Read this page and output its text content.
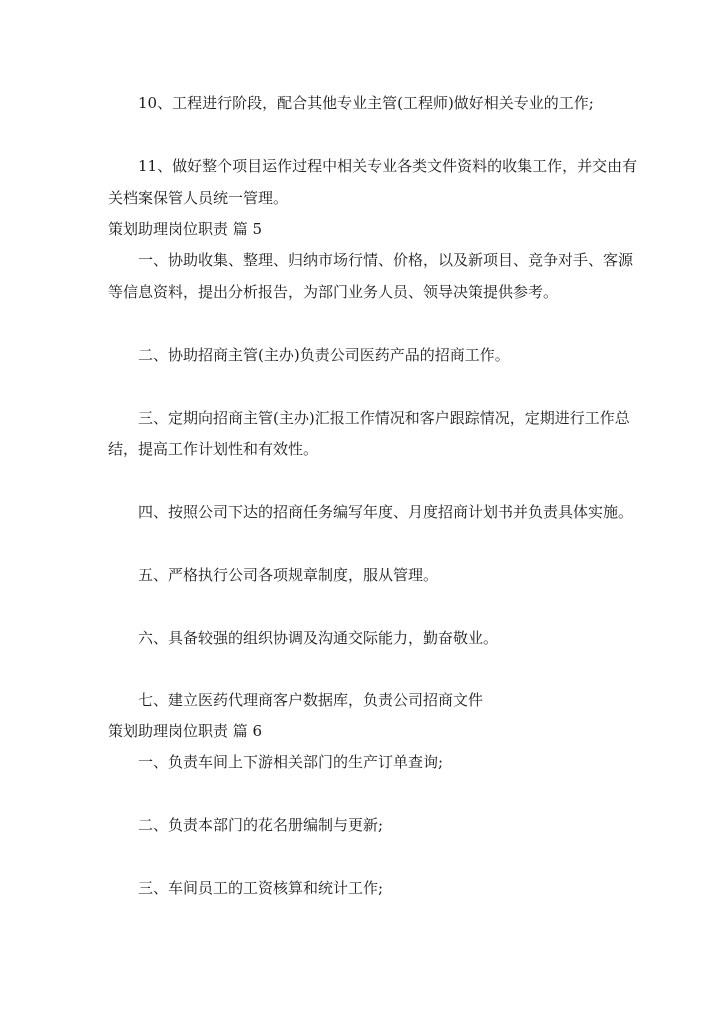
10、工程进行阶段，配合其他专业主管(工程师)做好相关专业的工作;
11、做好整个项目运作过程中相关专业各类文件资料的收集工作，并交由有
关档案保管人员统一管理。
策划助理岗位职责 篇 5
一、协助收集、整理、归纳市场行情、价格，以及新项目、竞争对手、客源
等信息资料，提出分析报告，为部门业务人员、领导决策提供参考。
二、协助招商主管(主办)负责公司医药产品的招商工作。
三、定期向招商主管(主办)汇报工作情况和客户跟踪情况，定期进行工作总
结，提高工作计划性和有效性。
四、按照公司下达的招商任务编写年度、月度招商计划书并负责具体实施。
五、严格执行公司各项规章制度，服从管理。
六、具备较强的组织协调及沟通交际能力，勤奋敬业。
七、建立医药代理商客户数据库，负责公司招商文件
策划助理岗位职责 篇 6
一、负责车间上下游相关部门的生产订单查询;
二、负责本部门的花名册编制与更新;
三、车间员工的工资核算和统计工作;
